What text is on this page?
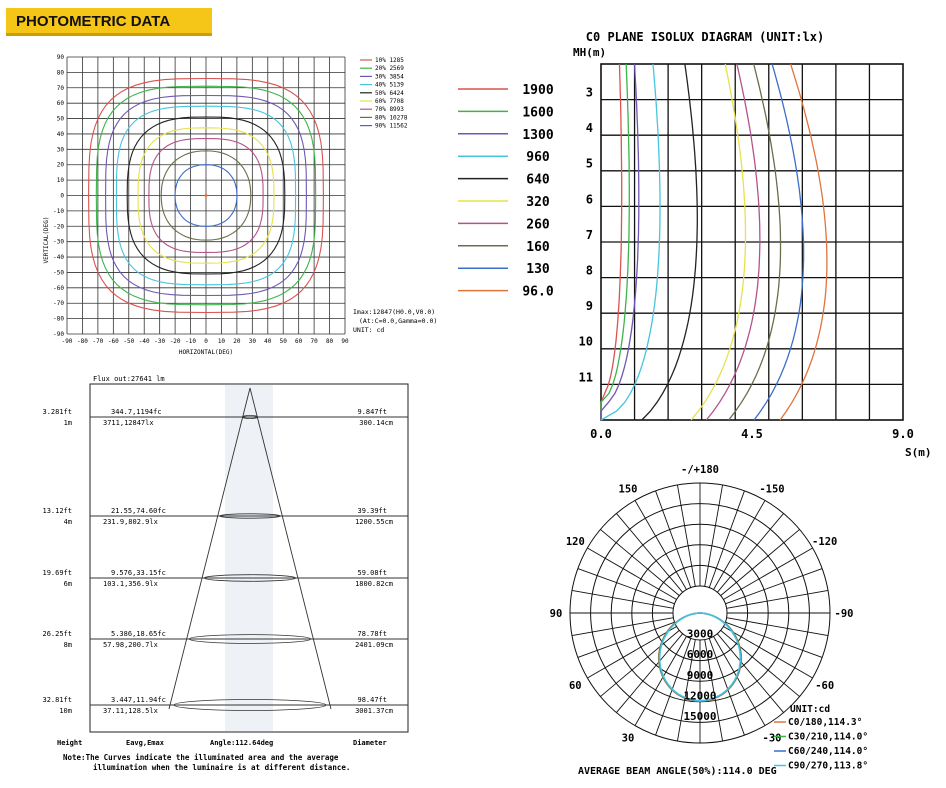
PHOTOMETRIC DATA
HORIZONTAL(DEG)
VERTICAL(DEG)
-90 -80 -70 -60 -50 -40 -30 -20 -10 0 10 20 30 40 50 60 70 80 90
90
80
70
60
50
40
30
20
10
0
-10
-20
-30
-40
-50
-60
-70
-80
-90
10% 1285
20% 2569
30% 3854
40% 5139
50% 6424
60% 7708
70% 8993
80% 10278
90% 11562
Imax:12847(H0.0,V0.0)
(At:C=0.0,Gamma=0.0)
UNIT: cd
C0 PLANE ISOLUX DIAGRAM (UNIT:lx)
MH(m)
S(m)
1900
1600
1300
960
640
320
260
160
130
96.0
0.0	4.5	9.0
3
4
5
6
7
8
9
10
11
Flux out:27641 lm
3.281ft
1m
344.7,1194fc
3711,12847lx
9.847ft
300.14cm
13.12ft
4m
21.55,74.60fc
231.9,802.9lx
39.39ft
1200.55cm
19.69ft
6m
9.576,33.15fc
103.1,356.9lx
59.08ft
1800.82cm
26.25ft
8m
5.386,18.65fc
57.98,200.7lx
78.78ft
2401.09cm
32.81ft
10m
3.447,11.94fc
37.11,128.5lx
98.47ft
3001.37cm
Height	Eavg,Emax	Angle:112.64deg	Diameter
Note:The Curves indicate the illuminated area and the average
illumination when the luminaire is at different distance.
-/+180
-150
150
-120
120
-90
90
-60
60
-30
30
3000
6000
9000
12000
15000
UNIT:cd
C0/180,114.3°
C30/210,114.0°
C60/240,114.0°
C90/270,113.8°
AVERAGE BEAM ANGLE(50%):114.0 DEG
